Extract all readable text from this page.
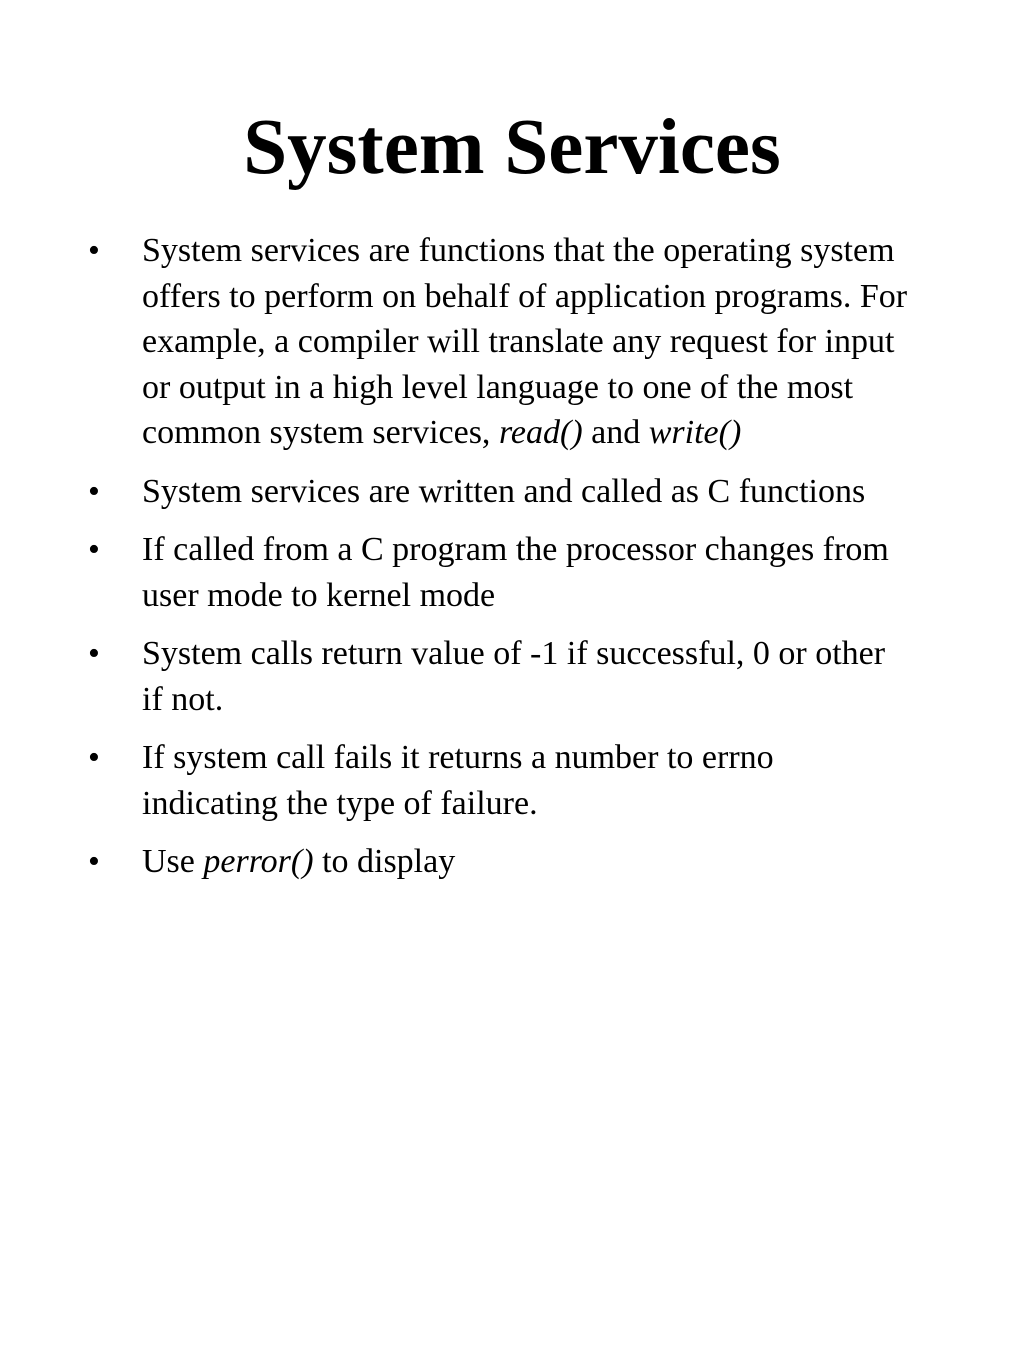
System Services
• System services are functions that the operating system offers to perform on behalf of application programs. For example, a compiler will translate any request for input or output in a high level language to one of the most common system services, read() and write()
• System services are written and called as C functions
• If called from a C program the processor changes from user mode to kernel mode
• System calls return value of -1 if successful, 0 or other if not.
• If system call fails it returns a number to errno indicating the type of failure.
• Use perror() to display
